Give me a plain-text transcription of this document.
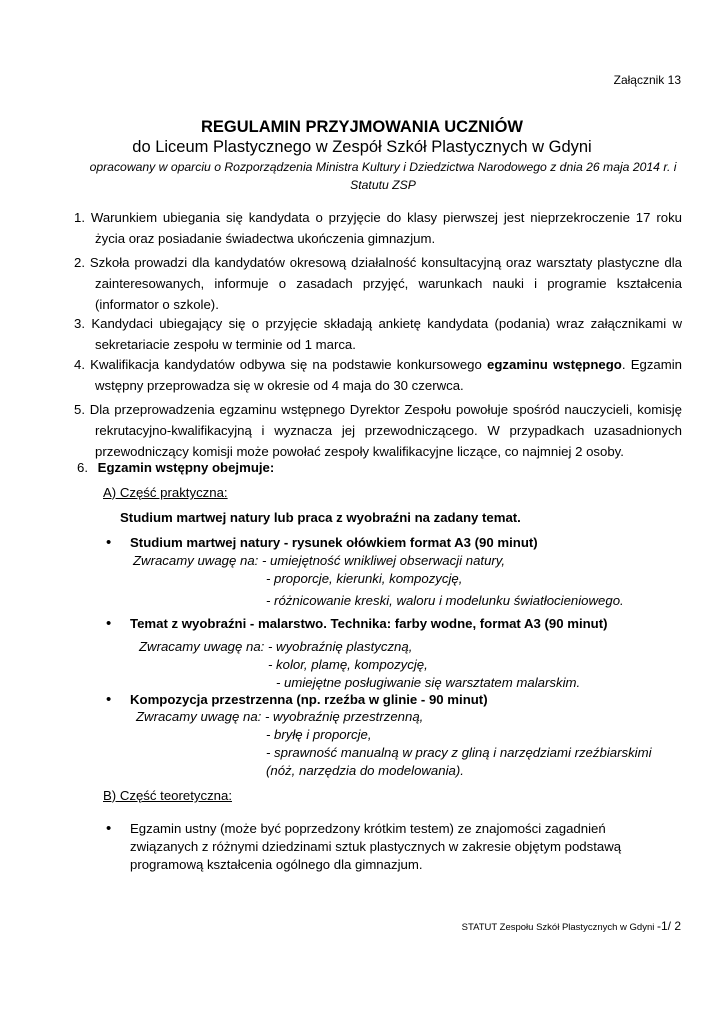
Załącznik 13
REGULAMIN PRZYJMOWANIA UCZNIÓW
do Liceum Plastycznego w Zespół Szkół Plastycznych w Gdyni
opracowany w oparciu o Rozporządzenia Ministra Kultury i Dziedzictwa Narodowego z dnia 26 maja 2014 r. i
Statutu ZSP
1. Warunkiem ubiegania się kandydata o przyjęcie do klasy pierwszej jest nieprzekroczenie 17 roku
życia oraz posiadanie świadectwa ukończenia gimnazjum.
2. Szkoła prowadzi dla kandydatów okresową działalność konsultacyjną oraz warsztaty plastyczne dla
zainteresowanych, informuje o zasadach przyjęć, warunkach nauki i programie kształcenia
(informator o szkole).
3. Kandydaci ubiegający się o przyjęcie składają ankietę kandydata (podania) wraz załącznikami w
sekretariacie zespołu w terminie od 1 marca.
4. Kwalifikacja kandydatów odbywa się na podstawie konkursowego egzaminu wstępnego. Egzamin
wstępny przeprowadza się w okresie od 4 maja do 30 czerwca.
5. Dla przeprowadzenia egzaminu wstępnego Dyrektor Zespołu powołuje spośród nauczycieli, komisję
rekrutacyjno-kwalifikacyjną i wyznacza jej przewodniczącego. W przypadkach uzasadnionych
przewodniczący komisji może powołać zespoły kwalifikacyjne liczące, co najmniej 2 osoby.
6. Egzamin wstępny obejmuje:
A) Część praktyczna:
Studium martwej natury lub praca z wyobraźni na zadany temat.
• Studium martwej natury - rysunek ołówkiem format A3 (90 minut)
Zwracamy uwagę na: - umiejętność wnikliwej obserwacji natury,
- proporcje, kierunki, kompozycję,
- różnicowanie kreski, waloru i modelunku światłocieniowego.
• Temat z wyobraźni - malarstwo. Technika: farby wodne, format A3 (90 minut)
Zwracamy uwagę na: - wyobraźnię plastyczną,
- kolor, plamę, kompozycję,
- umiejętne posługiwanie się warsztatem malarskim.
• Kompozycja przestrzenna (np. rzeźba w glinie - 90 minut)
Zwracamy uwagę na: - wyobraźnię przestrzenną,
- bryłę i proporcje,
- sprawność manualną w pracy z gliną i narzędziami rzeźbiarskimi
(nóż, narzędzia do modelowania).
B) Część teoretyczna:
• Egzamin ustny (może być poprzedzony krótkim testem) ze znajomości zagadnień
związanych z różnymi dziedzinami sztuk plastycznych w zakresie objętym podstawą
programową kształcenia ogólnego dla gimnazjum.
STATUT Zespołu Szkół Plastycznych w Gdyni -1/ 2
